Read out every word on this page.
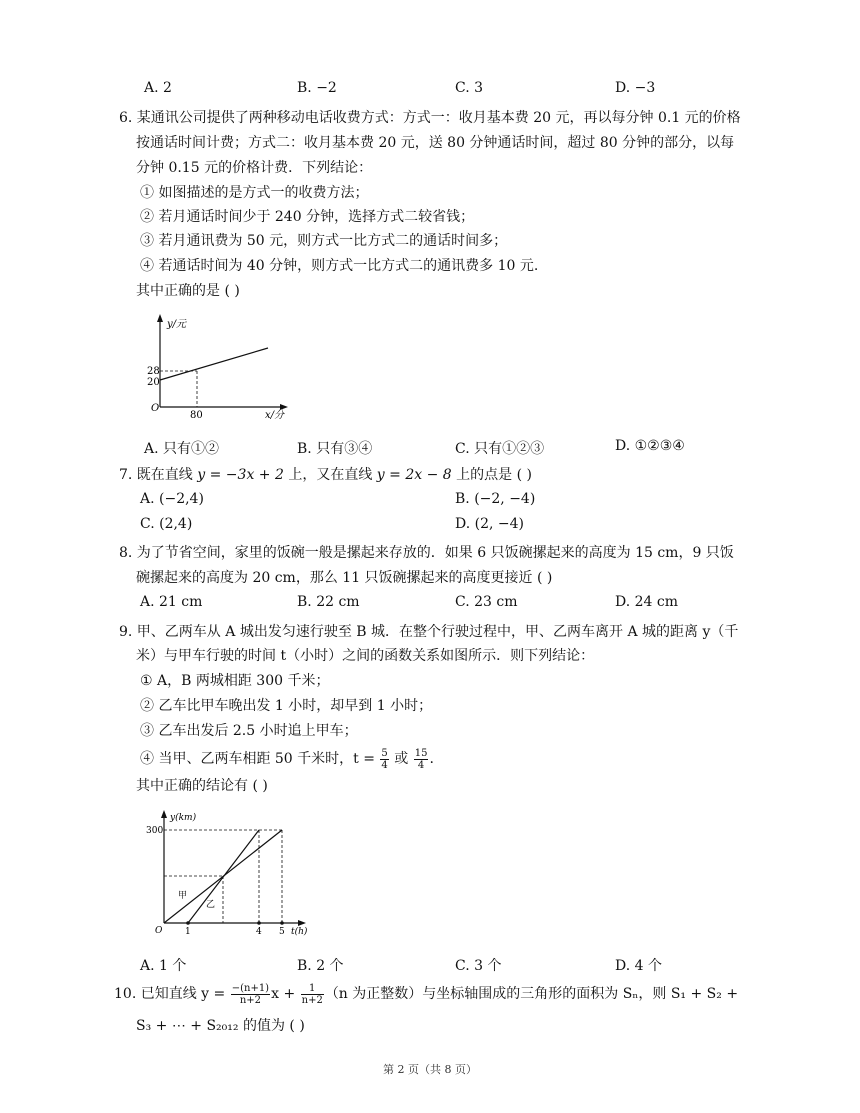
A. 2	B. −2	C. 3	D. −3
6. 某通讯公司提供了两种移动电话收费方式：方式一：收月基本费 20 元，再以每分钟 0.1 元的价格
按通话时间计费；方式二：收月基本费 20 元，送 80 分钟通话时间，超过 80 分钟的部分，以每
分钟 0.15 元的价格计费．下列结论：
① 如图描述的是方式一的收费方法；
② 若月通话时间少于 240 分钟，选择方式二较省钱；
③ 若月通讯费为 50 元，则方式一比方式二的通话时间多；
④ 若通话时间为 40 分钟，则方式一比方式二的通讯费多 10 元.
其中正确的是 ( )
y/元
x/分
O
28
20
80
A. 只有①②	B. 只有③④	C. 只有①②③	D. ①②③④
7. 既在直线 y = −3x + 2 上，又在直线 y = 2x − 8 上的点是 ( )
A. (−2,4)	B. (−2, −4)
C. (2,4)	D. (2, −4)
8. 为了节省空间，家里的饭碗一般是摞起来存放的．如果 6 只饭碗摞起来的高度为 15 cm，9 只饭
碗摞起来的高度为 20 cm，那么 11 只饭碗摞起来的高度更接近 ( )
A. 21 cm	B. 22 cm	C. 23 cm	D. 24 cm
9. 甲、乙两车从 A 城出发匀速行驶至 B 城．在整个行驶过程中，甲、乙两车离开 A 城的距离 y（千
米）与甲车行驶的时间 t（小时）之间的函数关系如图所示．则下列结论：
① A，B 两城相距 300 千米；
② 乙车比甲车晚出发 1 小时，却早到 1 小时；
③ 乙车出发后 2.5 小时追上甲车；
④ 当甲、乙两车相距 50 千米时，$t = \frac{5}{4}$ 或 $\frac{15}{4}$ .
其中正确的结论有 ( )
y(km)
t(h)
O
300
1	4 5
甲
乙
A. 1 个	B. 2 个	C. 3 个	D. 4 个
10. 已知直线 $y = \frac{-(n+1)}{n+2}$ $x + \frac{1}{n+2} (n$ 为正整数）与坐标轴围成的三角形的面积为 Sₙ，则 S₁ + S₂ +
S₃ + ⋯ + S₂₀₁₂ 的值为 ( )
第 2 页（共 8 页）
